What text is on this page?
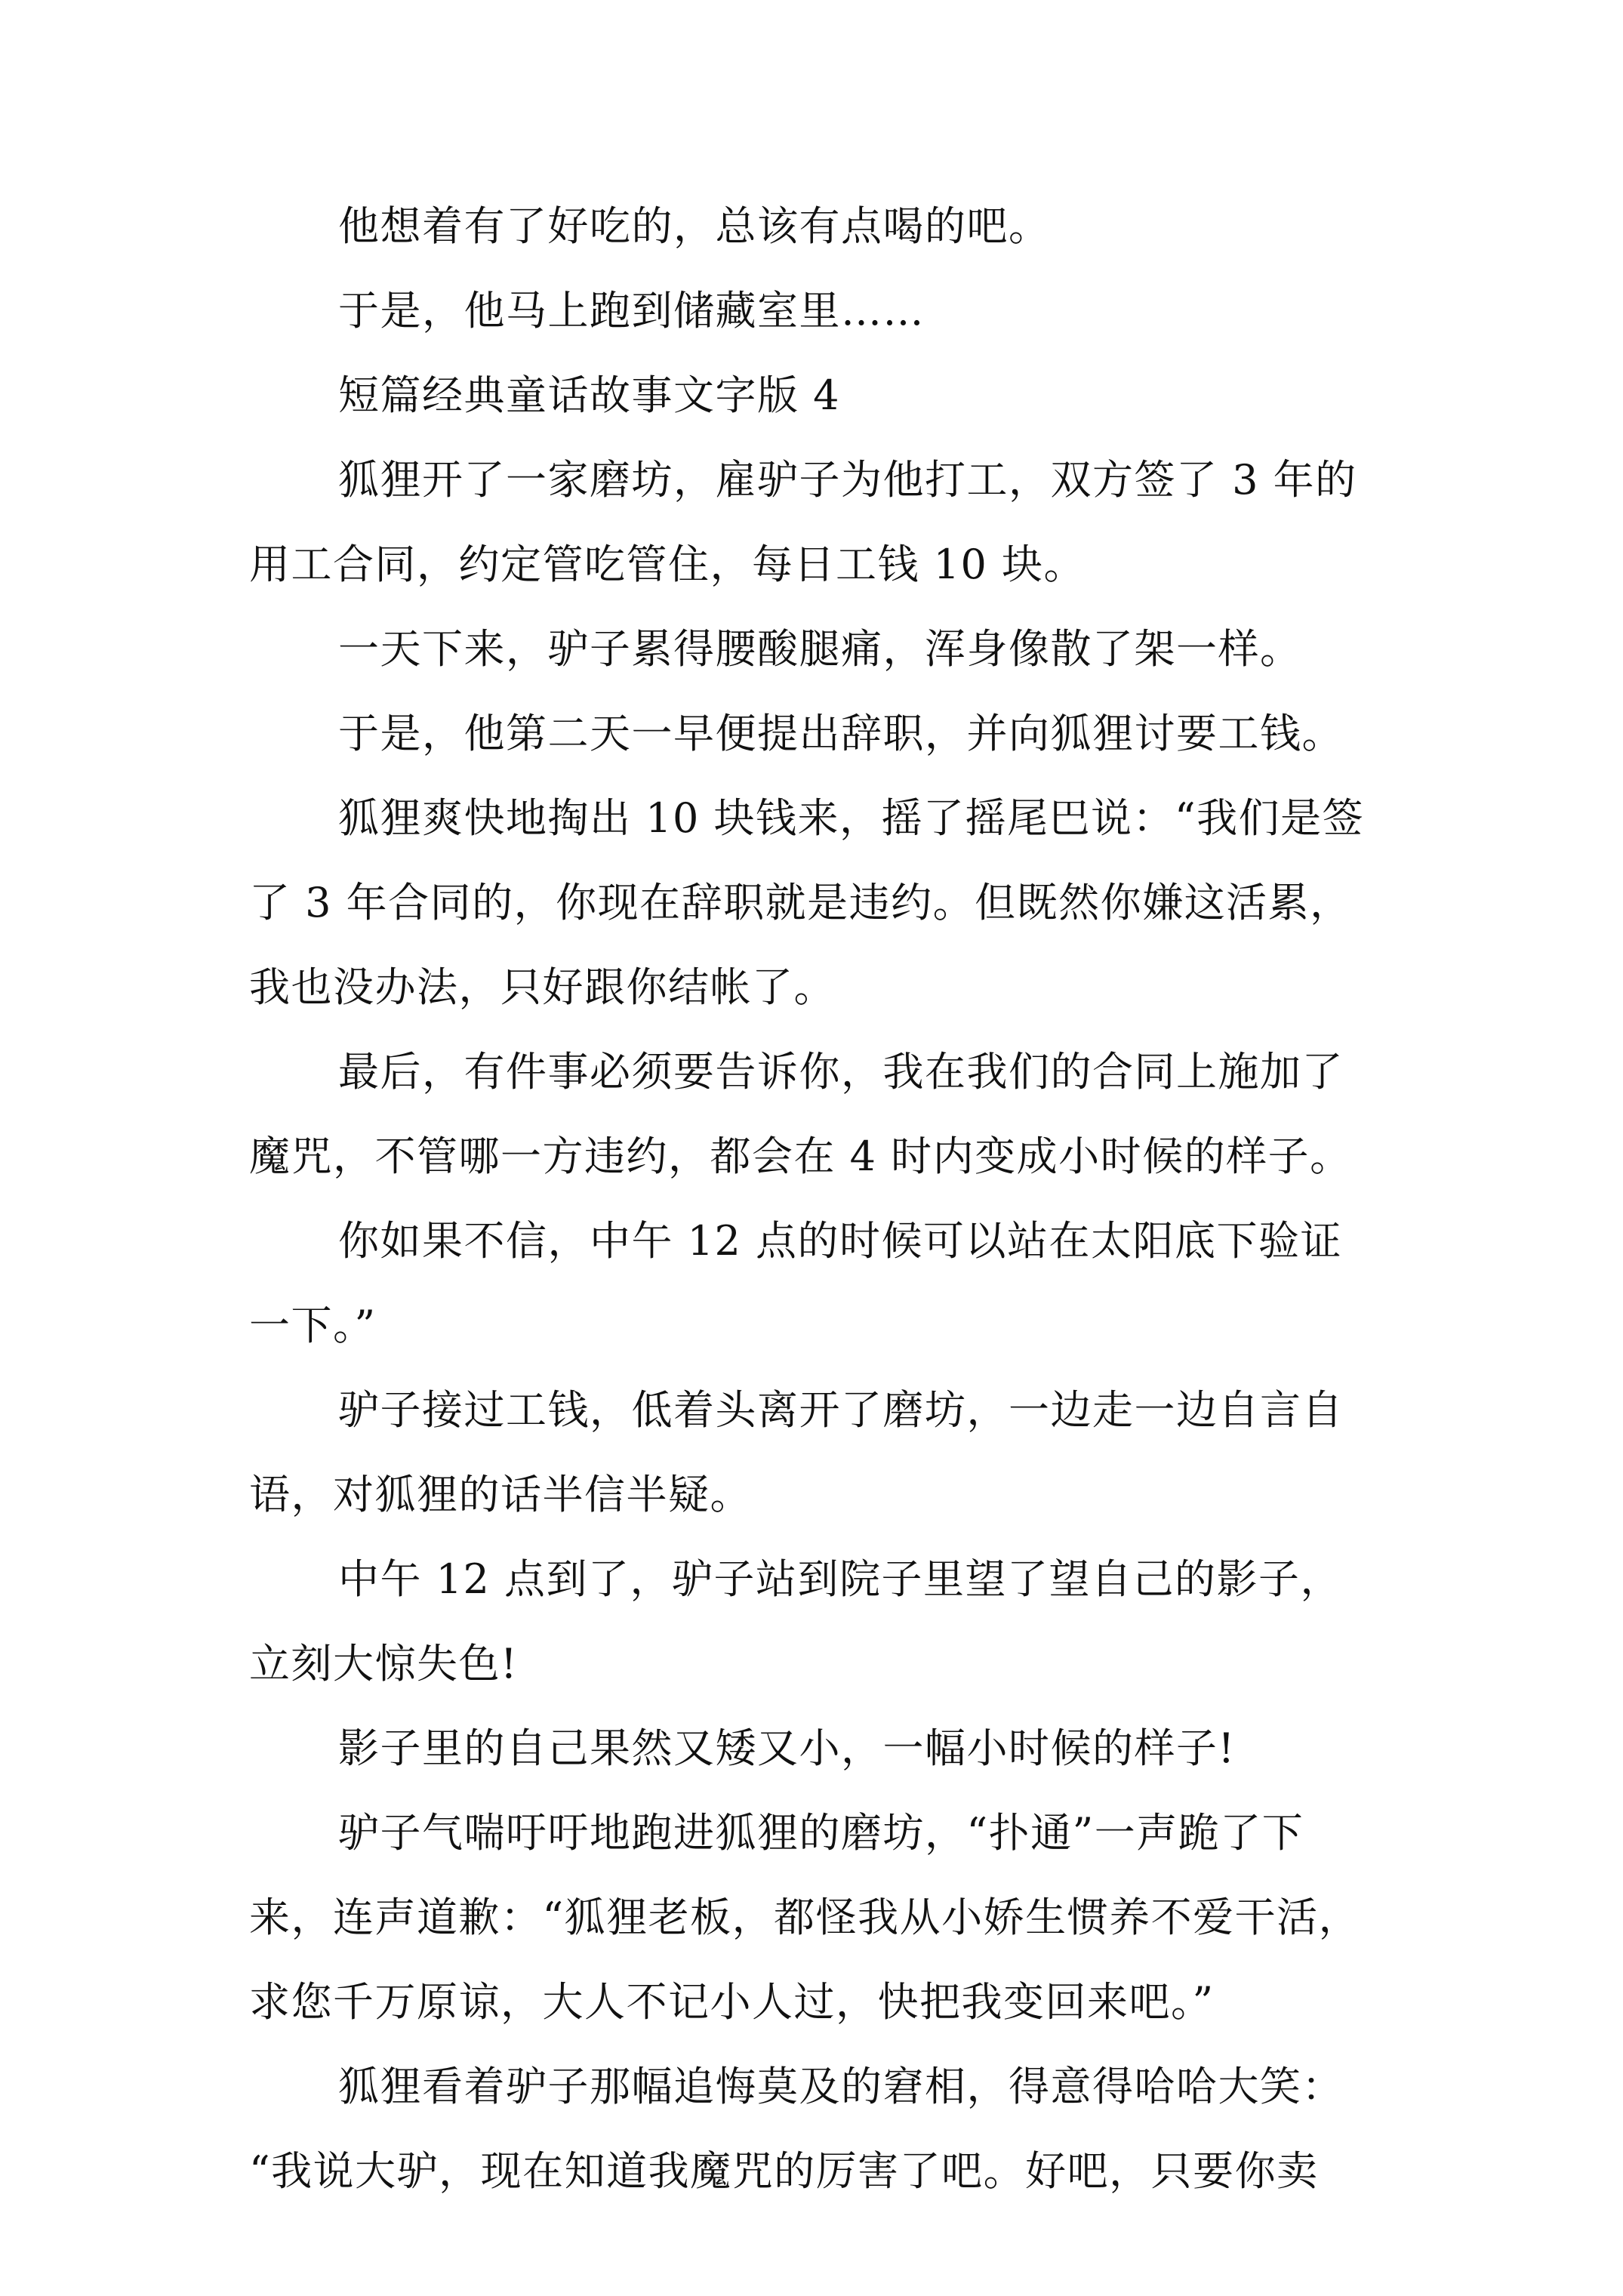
他想着有了好吃的，总该有点喝的吧。
于是，他马上跑到储藏室里……
短篇经典童话故事文字版 4
狐狸开了一家磨坊，雇驴子为他打工，双方签了 3 年的
用工合同，约定管吃管住，每日工钱 10 块。
一天下来，驴子累得腰酸腿痛，浑身像散了架一样。
于是，他第二天一早便提出辞职，并向狐狸讨要工钱。
狐狸爽快地掏出 10 块钱来，摇了摇尾巴说：“我们是签
了 3 年合同的，你现在辞职就是违约。但既然你嫌这活累，
我也没办法，只好跟你结帐了。
最后，有件事必须要告诉你，我在我们的合同上施加了
魔咒，不管哪一方违约，都会在 4 时内变成小时候的样子。
你如果不信，中午 12 点的时候可以站在太阳底下验证
一下。”
驴子接过工钱，低着头离开了磨坊，一边走一边自言自
语，对狐狸的话半信半疑。
中午 12 点到了，驴子站到院子里望了望自己的影子，
立刻大惊失色!
影子里的自己果然又矮又小，一幅小时候的样子!
驴子气喘吁吁地跑进狐狸的磨坊，“扑通”一声跪了下
来，连声道歉：“狐狸老板，都怪我从小娇生惯养不爱干活，
求您千万原谅，大人不记小人过，快把我变回来吧。”
狐狸看着驴子那幅追悔莫及的窘相，得意得哈哈大笑：
“我说大驴，现在知道我魔咒的厉害了吧。好吧，只要你卖
